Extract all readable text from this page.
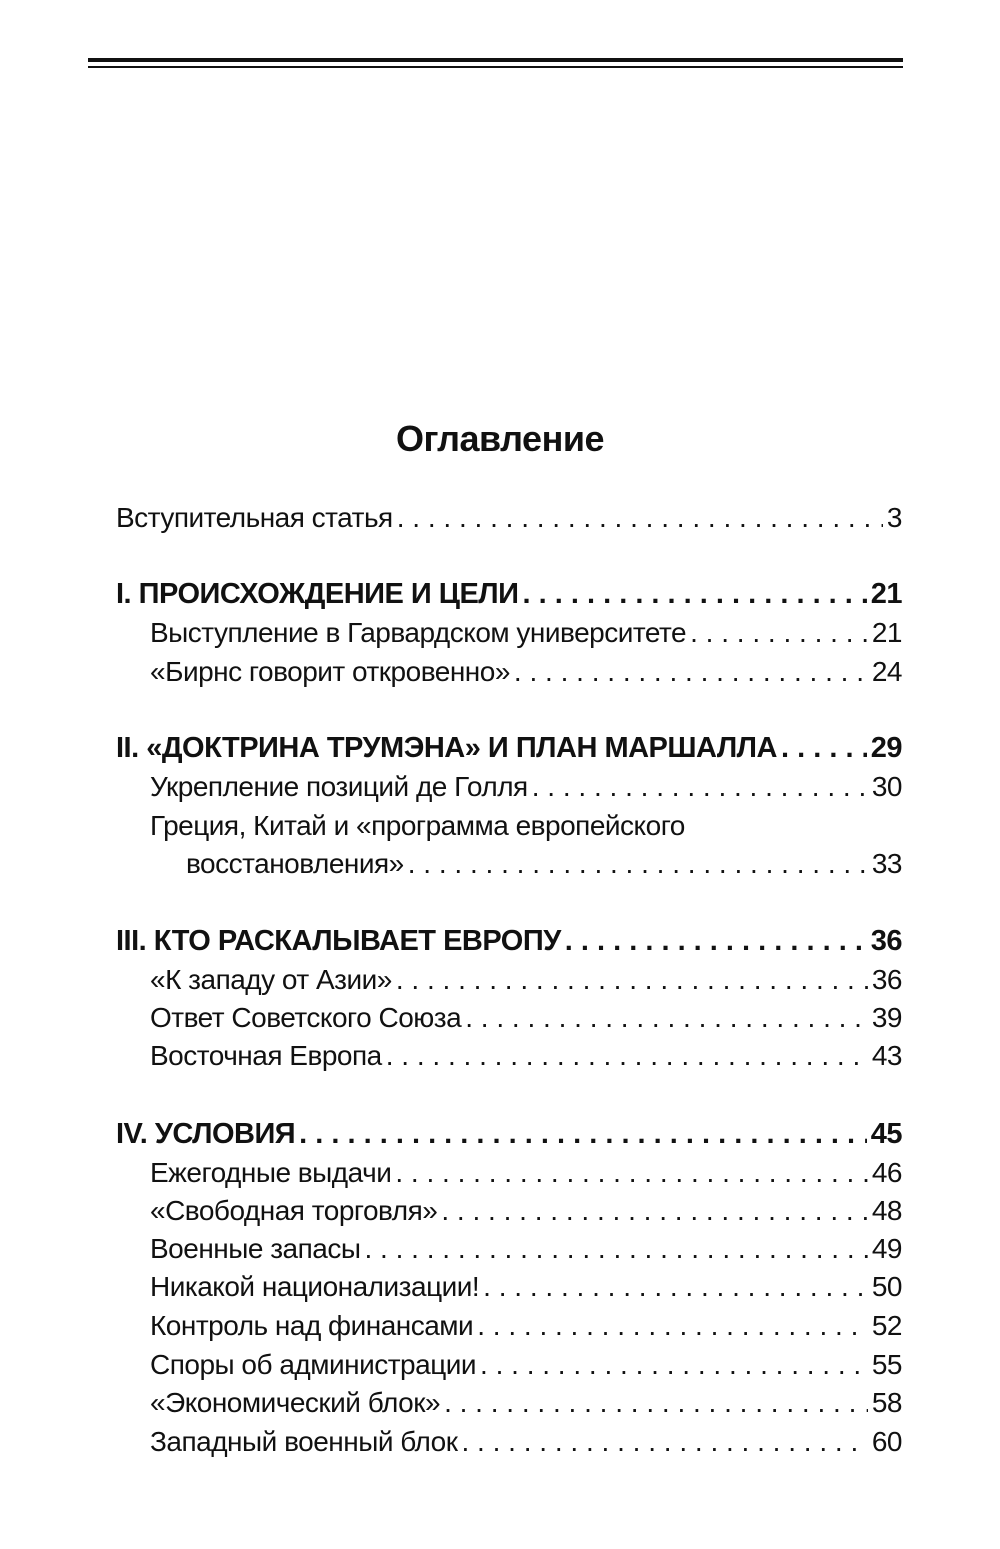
Оглавление
Вступительная статья . . .	3
I. ПРОИСХОЖДЕНИЕ И ЦЕЛИ . . .	21
Выступление в Гарвардском университете . . .	21
«Бирнс говорит откровенно» . . .	24
II. «ДОКТРИНА ТРУМЭНА» И ПЛАН МАРШАЛЛА . . .	29
Укрепление позиций де Голля . . .	30
Греция, Китай и «программа европейского
восстановления» . . .	33
III. КТО РАСКАЛЫВАЕТ ЕВРОПУ . . .	36
«К западу от Азии» . . .	36
Ответ Советского Союза . . .	39
Восточная Европа . . .	43
IV. УСЛОВИЯ . . .	45
Ежегодные выдачи . . .	46
«Свободная торговля» . . .	48
Военные запасы . . .	49
Никакой национализации! . . .	50
Контроль над финансами . . .	52
Споры об администрации . . .	55
«Экономический блок» . . .	58
Западный военный блок . . .	60
